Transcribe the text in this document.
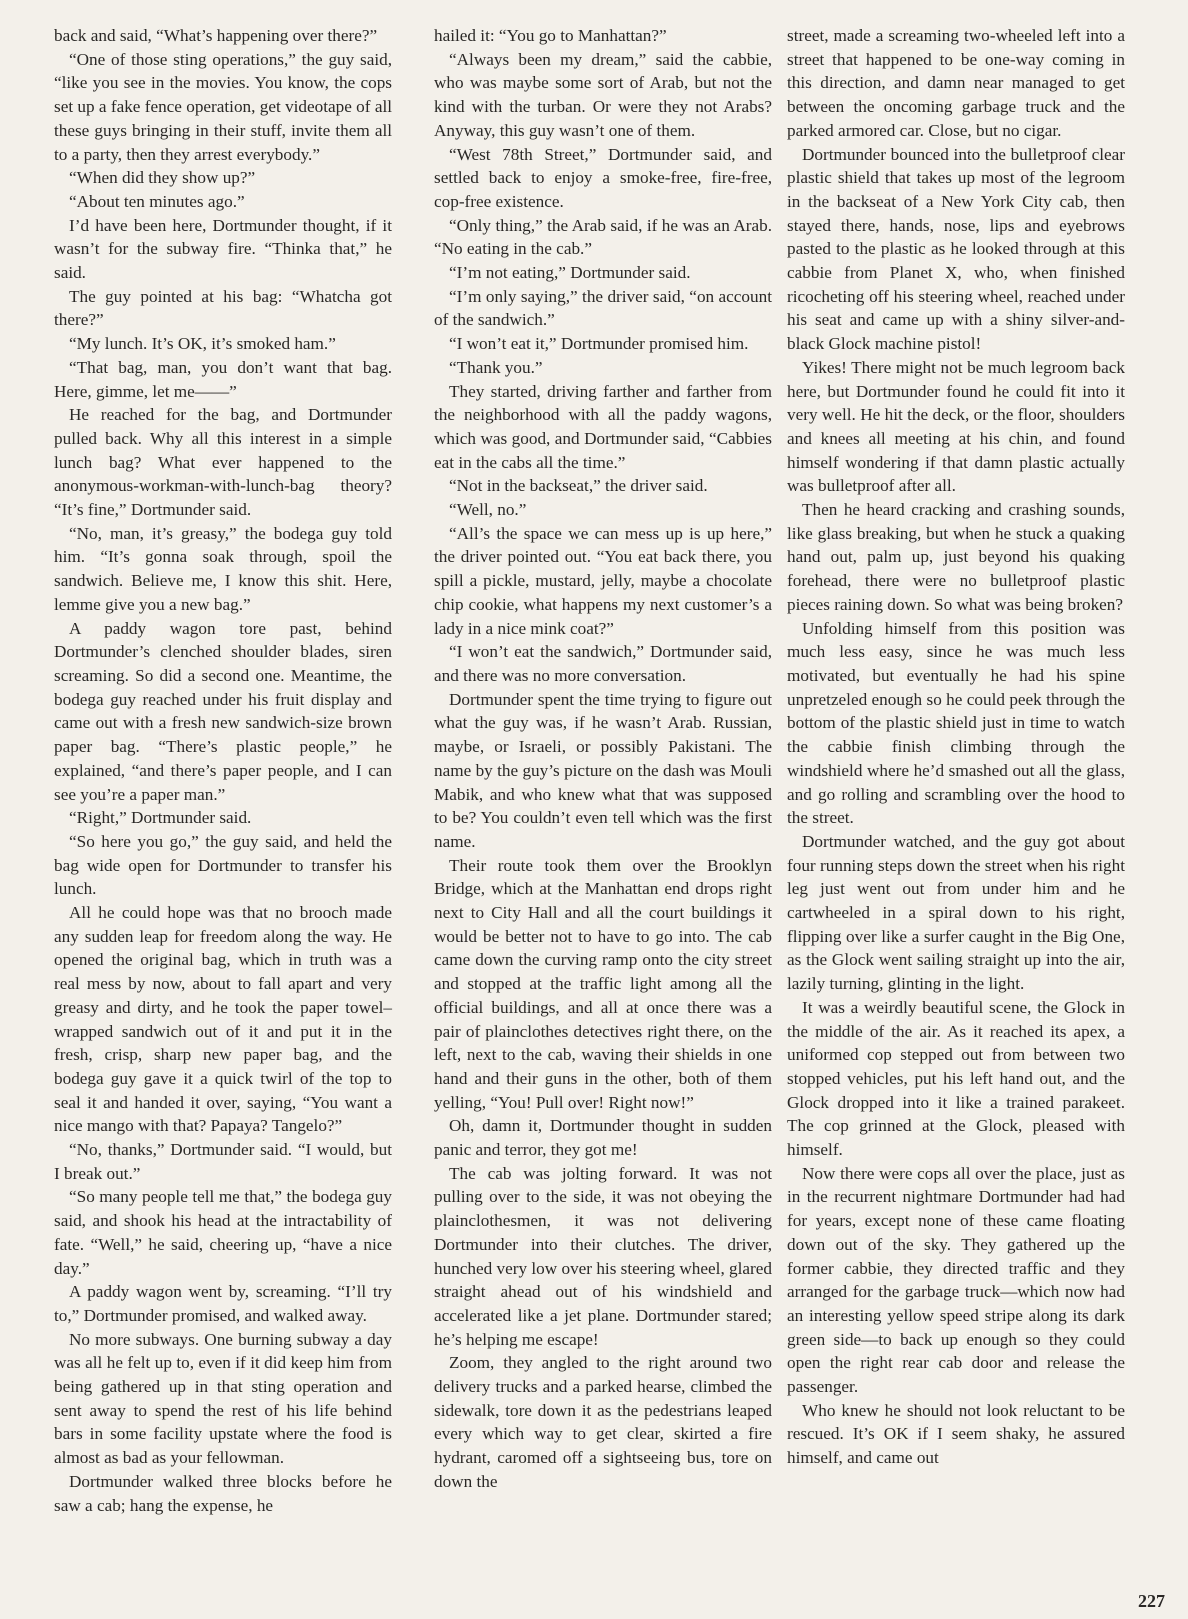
back and said, “What’s happening over there?”

“One of those sting operations,” the guy said, “like you see in the movies. You know, the cops set up a fake fence operation, get videotape of all these guys bringing in their stuff, invite them all to a party, then they arrest everybody.”

“When did they show up?”

“About ten minutes ago.”

I’d have been here, Dortmunder thought, if it wasn’t for the subway fire. “Thinka that,” he said.

The guy pointed at his bag: “Whatcha got there?”

“My lunch. It’s OK, it’s smoked ham.”

“That bag, man, you don’t want that bag. Here, gimme, let me——”

He reached for the bag, and Dortmunder pulled back. Why all this interest in a simple lunch bag? What ever happened to the anonymous-workman-with-lunch-bag theory? “It’s fine,” Dortmunder said.

“No, man, it’s greasy,” the bodega guy told him. “It’s gonna soak through, spoil the sandwich. Believe me, I know this shit. Here, lemme give you a new bag.”

A paddy wagon tore past, behind Dortmunder’s clenched shoulder blades, siren screaming. So did a second one. Meantime, the bodega guy reached under his fruit display and came out with a fresh new sandwich-size brown paper bag. “There’s plastic people,” he explained, “and there’s paper people, and I can see you’re a paper man.”

“Right,” Dortmunder said.

“So here you go,” the guy said, and held the bag wide open for Dortmunder to transfer his lunch.

All he could hope was that no brooch made any sudden leap for freedom along the way. He opened the original bag, which in truth was a real mess by now, about to fall apart and very greasy and dirty, and he took the paper towel–wrapped sandwich out of it and put it in the fresh, crisp, sharp new paper bag, and the bodega guy gave it a quick twirl of the top to seal it and handed it over, saying, “You want a nice mango with that? Papaya? Tangelo?”

“No, thanks,” Dortmunder said. “I would, but I break out.”

“So many people tell me that,” the bodega guy said, and shook his head at the intractability of fate. “Well,” he said, cheering up, “have a nice day.”

A paddy wagon went by, screaming. “I’ll try to,” Dortmunder promised, and walked away.

No more subways. One burning subway a day was all he felt up to, even if it did keep him from being gathered up in that sting operation and sent away to spend the rest of his life behind bars in some facility upstate where the food is almost as bad as your fellowman.

Dortmunder walked three blocks before he saw a cab; hang the expense, he

hailed it: “You go to Manhattan?”

“Always been my dream,” said the cabbie, who was maybe some sort of Arab, but not the kind with the turban. Or were they not Arabs? Anyway, this guy wasn’t one of them.

“West 78th Street,” Dortmunder said, and settled back to enjoy a smoke-free, fire-free, cop-free existence.

“Only thing,” the Arab said, if he was an Arab. “No eating in the cab.”

“I’m not eating,” Dortmunder said.

“I’m only saying,” the driver said, “on account of the sandwich.”

“I won’t eat it,” Dortmunder promised him.

“Thank you.”

They started, driving farther and farther from the neighborhood with all the paddy wagons, which was good, and Dortmunder said, “Cabbies eat in the cabs all the time.”

“Not in the backseat,” the driver said.

“Well, no.”

“All’s the space we can mess up is up here,” the driver pointed out. “You eat back there, you spill a pickle, mustard, jelly, maybe a chocolate chip cookie, what happens my next customer’s a lady in a nice mink coat?”

“I won’t eat the sandwich,” Dortmunder said, and there was no more conversation.

Dortmunder spent the time trying to figure out what the guy was, if he wasn’t Arab. Russian, maybe, or Israeli, or possibly Pakistani. The name by the guy’s picture on the dash was Mouli Mabik, and who knew what that was supposed to be? You couldn’t even tell which was the first name.

Their route took them over the Brooklyn Bridge, which at the Manhattan end drops right next to City Hall and all the court buildings it would be better not to have to go into. The cab came down the curving ramp onto the city street and stopped at the traffic light among all the official buildings, and all at once there was a pair of plainclothes detectives right there, on the left, next to the cab, waving their shields in one hand and their guns in the other, both of them yelling, “You! Pull over! Right now!”

Oh, damn it, Dortmunder thought in sudden panic and terror, they got me!

The cab was jolting forward. It was not pulling over to the side, it was not obeying the plainclothesmen, it was not delivering Dortmunder into their clutches. The driver, hunched very low over his steering wheel, glared straight ahead out of his windshield and accelerated like a jet plane. Dortmunder stared; he’s helping me escape!

Zoom, they angled to the right around two delivery trucks and a parked hearse, climbed the sidewalk, tore down it as the pedestrians leaped every which way to get clear, skirted a fire hydrant, caromed off a sightseeing bus, tore on down the

street, made a screaming two-wheeled left into a street that happened to be one-way coming in this direction, and damn near managed to get between the oncoming garbage truck and the parked armored car. Close, but no cigar.

Dortmunder bounced into the bulletproof clear plastic shield that takes up most of the legroom in the backseat of a New York City cab, then stayed there, hands, nose, lips and eyebrows pasted to the plastic as he looked through at this cabbie from Planet X, who, when finished ricocheting off his steering wheel, reached under his seat and came up with a shiny silver-and-black Glock machine pistol!

Yikes! There might not be much legroom back here, but Dortmunder found he could fit into it very well. He hit the deck, or the floor, shoulders and knees all meeting at his chin, and found himself wondering if that damn plastic actually was bulletproof after all.

Then he heard cracking and crashing sounds, like glass breaking, but when he stuck a quaking hand out, palm up, just beyond his quaking forehead, there were no bulletproof plastic pieces raining down. So what was being broken?

Unfolding himself from this position was much less easy, since he was much less motivated, but eventually he had his spine unpretzeled enough so he could peek through the bottom of the plastic shield just in time to watch the cabbie finish climbing through the windshield where he’d smashed out all the glass, and go rolling and scrambling over the hood to the street.

Dortmunder watched, and the guy got about four running steps down the street when his right leg just went out from under him and he cartwheeled in a spiral down to his right, flipping over like a surfer caught in the Big One, as the Glock went sailing straight up into the air, lazily turning, glinting in the light.

It was a weirdly beautiful scene, the Glock in the middle of the air. As it reached its apex, a uniformed cop stepped out from between two stopped vehicles, put his left hand out, and the Glock dropped into it like a trained parakeet. The cop grinned at the Glock, pleased with himself.

Now there were cops all over the place, just as in the recurrent nightmare Dortmunder had had for years, except none of these came floating down out of the sky. They gathered up the former cabbie, they directed traffic and they arranged for the garbage truck—which now had an interesting yellow speed stripe along its dark green side—to back up enough so they could open the right rear cab door and release the passenger.

Who knew he should not look reluctant to be rescued. It’s OK if I seem shaky, he assured himself, and came out

227
